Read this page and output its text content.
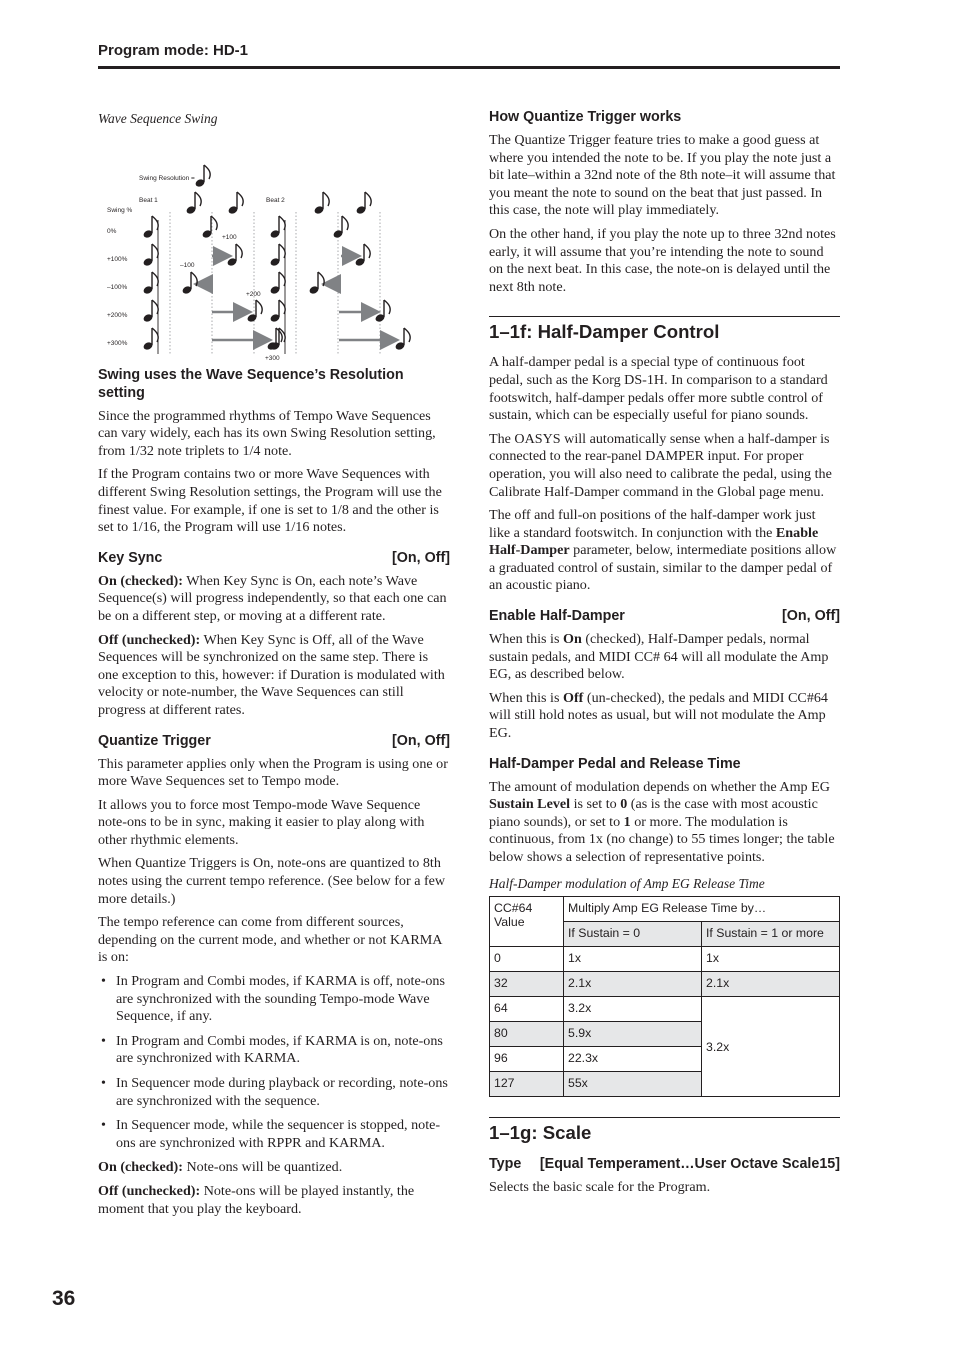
Program mode: HD-1

Wave Sequence Swing

Swing Resolution =
Swing %
Beat 1	Beat 2
0%
+100%
–100%
+200%
+300%
+100
–100
+200
+300
Swing uses the Wave Sequence’s Resolution setting

Since the programmed rhythms of Tempo Wave Sequences can vary widely, each has its own Swing Resolution setting, from 1/32 note triplets to 1/4 note.

If the Program contains two or more Wave Sequences with different Swing Resolution settings, the Program will use the finest value. For example, if one is set to 1/8 and the other is set to 1/16, the Program will use 1/16 notes.

Key Sync	[On, Off]

On (checked): When Key Sync is On, each note’s Wave Sequence(s) will progress independently, so that each one can be on a different step, or moving at a different rate.

Off (unchecked): When Key Sync is Off, all of the Wave Sequences will be synchronized on the same step. There is one exception to this, however: if Duration is modulated with velocity or note-number, the Wave Sequences can still progress at different rates.

Quantize Trigger	[On, Off]

This parameter applies only when the Program is using one or more Wave Sequences set to Tempo mode.

It allows you to force most Tempo-mode Wave Sequence note-ons to be in sync, making it easier to play along with other rhythmic elements.

When Quantize Triggers is On, note-ons are quantized to 8th notes using the current tempo reference. (See below for a few more details.)

The tempo reference can come from different sources, depending on the current mode, and whether or not KARMA is on:

• In Program and Combi modes, if KARMA is off, note-ons are synchronized with the sounding Tempo-mode Wave Sequence, if any.
• In Program and Combi modes, if KARMA is on, note-ons are synchronized with KARMA.
• In Sequencer mode during playback or recording, note-ons are synchronized with the sequence.
• In Sequencer mode, while the sequencer is stopped, note-ons are synchronized with RPPR and KARMA.

On (checked): Note-ons will be quantized.

Off (unchecked): Note-ons will be played instantly, the moment that you play the keyboard.

How Quantize Trigger works

The Quantize Trigger feature tries to make a good guess at where you intended the note to be. If you play the note just a bit late–within a 32nd note of the 8th note–it will assume that you meant the note to sound on the beat that just passed. In this case, the note will play immediately.

On the other hand, if you play the note up to three 32nd notes early, it will assume that you’re intending the note to sound on the next beat. In this case, the note-on is delayed until the next 8th note.

1–1f: Half-Damper Control

A half-damper pedal is a special type of continuous foot pedal, such as the Korg DS-1H. In comparison to a standard footswitch, half-damper pedals offer more subtle control of sustain, which can be especially useful for piano sounds.

The OASYS will automatically sense when a half-damper is connected to the rear-panel DAMPER input. For proper operation, you will also need to calibrate the pedal, using the Calibrate Half-Damper command in the Global page menu.

The off and full-on positions of the half-damper work just like a standard footswitch. In conjunction with the Enable Half-Damper parameter, below, intermediate positions allow a graduated control of sustain, similar to the damper pedal of an acoustic piano.

Enable Half-Damper	[On, Off]

When this is On (checked), Half-Damper pedals, normal sustain pedals, and MIDI CC# 64 will all modulate the Amp EG, as described below.

When this is Off (un-checked), the pedals and MIDI CC#64 will still hold notes as usual, but will not modulate the Amp EG.

Half-Damper Pedal and Release Time

The amount of modulation depends on whether the Amp EG Sustain Level is set to 0 (as is the case with most acoustic piano sounds), or set to 1 or more. The modulation is continuous, from 1x (no change) to 55 times longer; the table below shows a selection of representative points.

Half-Damper modulation of Amp EG Release Time

CC#64 Value	Multiply Amp EG Release Time by…	
	If Sustain = 0	If Sustain = 1 or more
0	1x	1x
32	2.1x	2.1x
64	3.2x	3.2x
80	5.9x	
96	22.3x	
127	55x	
1–1g: Scale
Type [Equal Temperament…User Octave Scale15]

Selects the basic scale for the Program.

36
